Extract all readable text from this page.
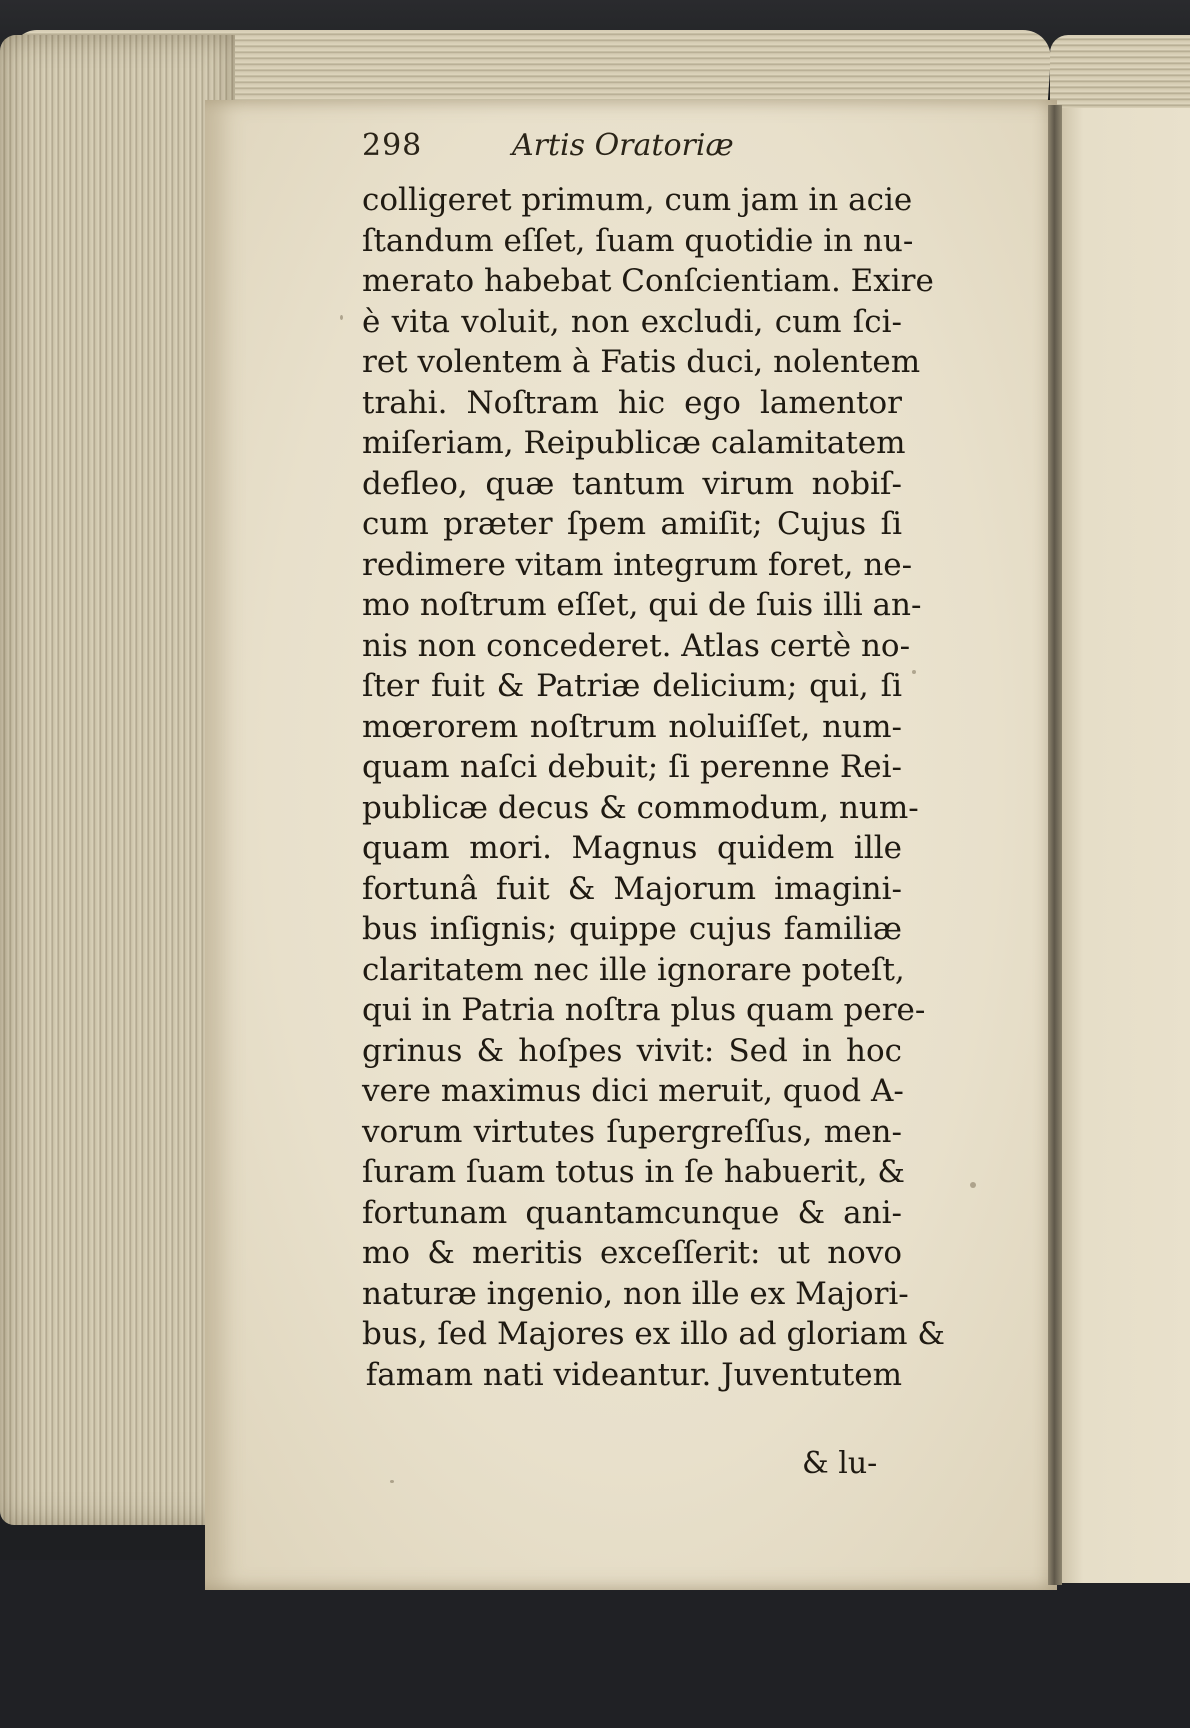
298	Artis Oratoriæ
colligeret primum, cum jam in acie
ſtandum eſſet, ſuam quotidie in nu-
merato habebat Conſcientiam. Exire
è vita voluit, non excludi, cum ſci-
ret volentem à Fatis duci, nolentem
trahi. Noſtram hic ego lamentor
miſeriam, Reipublicæ calamitatem
defleo, quæ tantum virum nobiſ-
cum præter ſpem amiſit; Cujus ſi
redimere vitam integrum foret, ne-
mo noſtrum eſſet, qui de ſuis illi an-
nis non concederet. Atlas certè no-
ſter fuit & Patriæ delicium; qui, ſi
mœrorem noſtrum noluiſſet, num-
quam naſci debuit; ſi perenne Rei-
publicæ decus & commodum, num-
quam mori. Magnus quidem ille
fortunâ fuit & Majorum imagini-
bus inſignis; quippe cujus familiæ
claritatem nec ille ignorare poteſt,
qui in Patria noſtra plus quam pere-
grinus & hoſpes vivit: Sed in hoc
vere maximus dici meruit, quod A-
vorum virtutes ſupergreſſus, men-
ſuram ſuam totus in ſe habuerit, &
fortunam quantamcunque & ani-
mo & meritis exceſſerit: ut novo
naturæ ingenio, non ille ex Majori-
bus, ſed Majores ex illo ad gloriam &
famam nati videantur. Juventutem
& lu-
